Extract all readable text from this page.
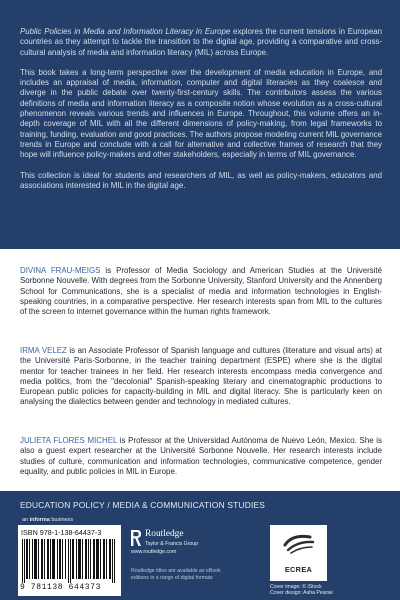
Public Policies in Media and Information Literacy in Europe explores the current tensions in European countries as they attempt to tackle the transition to the digital age, providing a comparative and cross-cultural analysis of media and information literacy (MIL) across Europe.

This book takes a long-term perspective over the development of media education in Europe, and includes an appraisal of media, information, computer and digital literacies as they coalesce and diverge in the public debate over twenty-first-century skills. The contributors assess the various definitions of media and information literacy as a composite notion whose evolution as a cross-cultural phenomenon reveals various trends and influences in Europe. Throughout, this volume offers an in-depth coverage of MIL with all the different dimensions of policy-making, from legal frameworks to training, funding, evaluation and good practices. The authors propose modeling current MIL governance trends in Europe and conclude with a call for alternative and collective frames of research that they hope will influence policy-makers and other stakeholders, especially in terms of MIL governance.

This collection is ideal for students and researchers of MIL, as well as policy-makers, educators and associations interested in MIL in the digital age.

DIVINA FRAU-MEIGS is Professor of Media Sociology and American Studies at the Université Sorbonne Nouvelle. With degrees from the Sorbonne University, Stanford University and the Annenberg School for Communications, she is a specialist of media and information technologies in English-speaking countries, in a comparative perspective. Her research interests span from MIL to the cultures of the screen to internet governance within the human rights framework.
IRMA VELEZ is an Associate Professor of Spanish language and cultures (literature and visual arts) at the Université Paris-Sorbonne, in the teacher training department (ESPE) where she is the digital mentor for teacher trainees in her field. Her research interests encompass media convergence and media politics, from the "decolonial" Spanish-speaking literary and cinematographic productions to European public policies for capacity-building in MIL and digital literacy. She is particularly keen on analysing the dialectics between gender and technology in mediated cultures.
JULIETA FLORES MICHEL is Professor at the Universidad Autónoma de Nuevo León, Mexico. She is also a guest expert researcher at the Université Sorbonne Nouvelle. Her research interests include studies of culture, communication and information technologies, communicative competence, gender equality, and public policies in MIL in Europe.
EDUCATION POLICY / MEDIA & COMMUNICATION STUDIES
an informa business
ISBN 978-1-138-64437-3
9 781138 644373
Routledge
Taylor & Francis Group
www.routledge.com
Routledge titles are available as eBook editions in a range of digital formats
ECREA
Cover image: © iStock
Cover design: Asha Pearse
